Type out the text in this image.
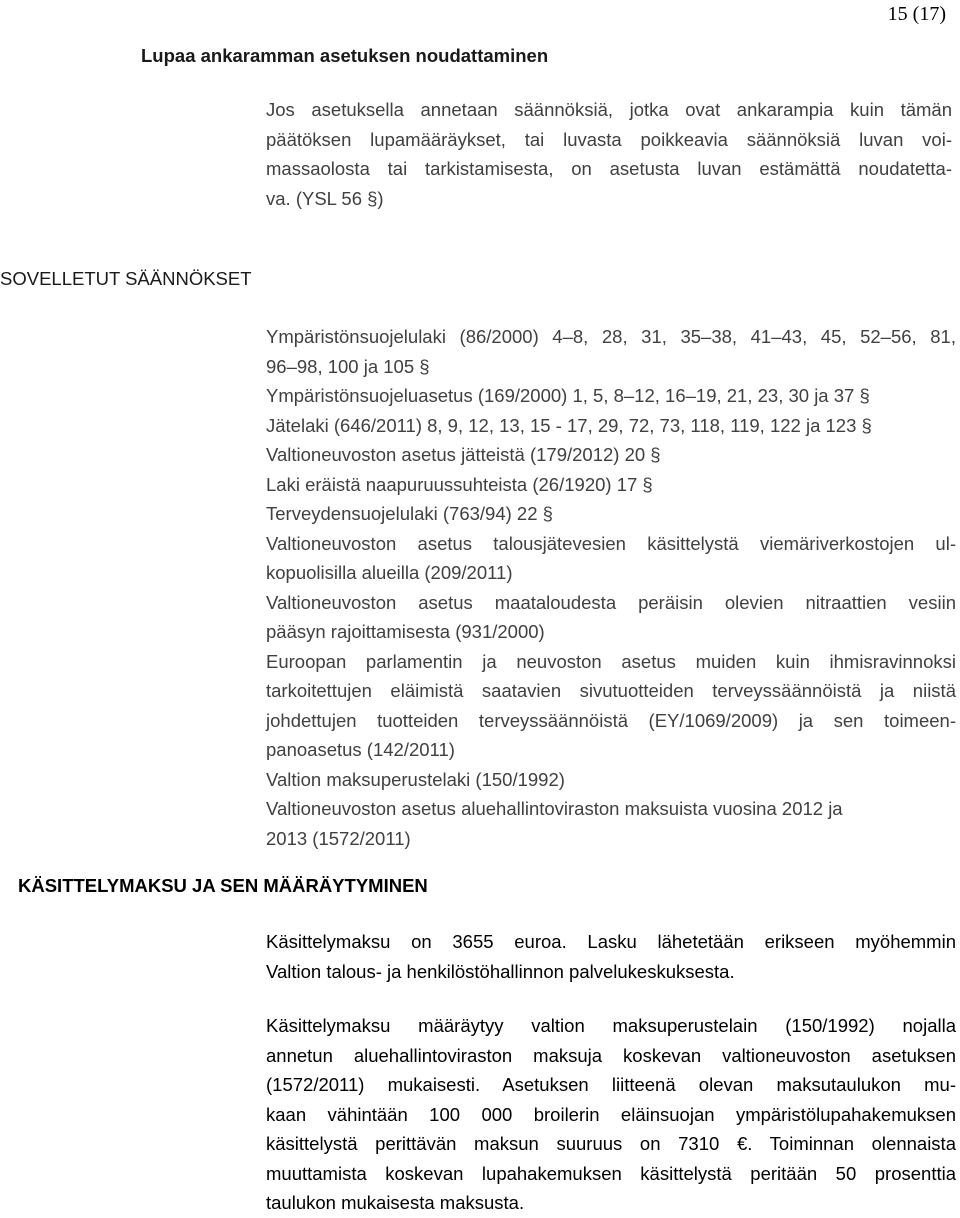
15 (17)
Lupaa ankaramman asetuksen noudattaminen
Jos asetuksella annetaan säännöksiä, jotka ovat ankarampia kuin tämän
päätöksen lupamääräykset, tai luvasta poikkeavia säännöksiä luvan voi-
massaolosta tai tarkistamisesta, on asetusta luvan estämättä noudatetta-
va. (YSL 56 §)
SOVELLETUT SÄÄNNÖKSET
Ympäristönsuojelulaki (86/2000) 4–8, 28, 31, 35–38, 41–43, 45, 52–56, 81,
96–98, 100 ja 105 §
Ympäristönsuojeluasetus (169/2000) 1, 5, 8–12, 16–19, 21, 23, 30 ja 37 §
Jätelaki (646/2011) 8, 9, 12, 13, 15 - 17, 29, 72, 73, 118, 119, 122 ja 123 §
Valtioneuvoston asetus jätteistä (179/2012) 20 §
Laki eräistä naapuruussuhteista (26/1920) 17 §
Terveydensuojelulaki (763/94) 22 §
Valtioneuvoston asetus talousjätevesien käsittelystä viemäriverkostojen ul-
kopuolisilla alueilla (209/2011)
Valtioneuvoston asetus maataloudesta peräisin olevien nitraattien vesiin
pääsyn rajoittamisesta (931/2000)
Euroopan parlamentin ja neuvoston asetus muiden kuin ihmisravinnoksi
tarkoitettujen eläimistä saatavien sivutuotteiden terveyssäännöistä ja niistä
johdettujen tuotteiden terveyssäännöistä (EY/1069/2009) ja sen toimeen-
panoasetus (142/2011)
Valtion maksuperustelaki (150/1992)
Valtioneuvoston asetus aluehallintoviraston maksuista vuosina 2012 ja
2013 (1572/2011)
KÄSITTELYMAKSU JA SEN MÄÄRÄYTYMINEN
Käsittelymaksu on 3655 euroa. Lasku lähetetään erikseen myöhemmin
Valtion talous- ja henkilöstöhallinnon palvelukeskuksesta.
Käsittelymaksu määräytyy valtion maksuperustelain (150/1992) nojalla
annetun aluehallintoviraston maksuja koskevan valtioneuvoston asetuksen
(1572/2011) mukaisesti. Asetuksen liitteenä olevan maksutaulukon mu-
kaan vähintään 100 000 broilerin eläinsuojan ympäristölupahakemuksen
käsittelystä perittävän maksun suuruus on 7310 €. Toiminnan olennaista
muuttamista koskevan lupahakemuksen käsittelystä peritään 50 prosenttia
taulukon mukaisesta maksusta.
